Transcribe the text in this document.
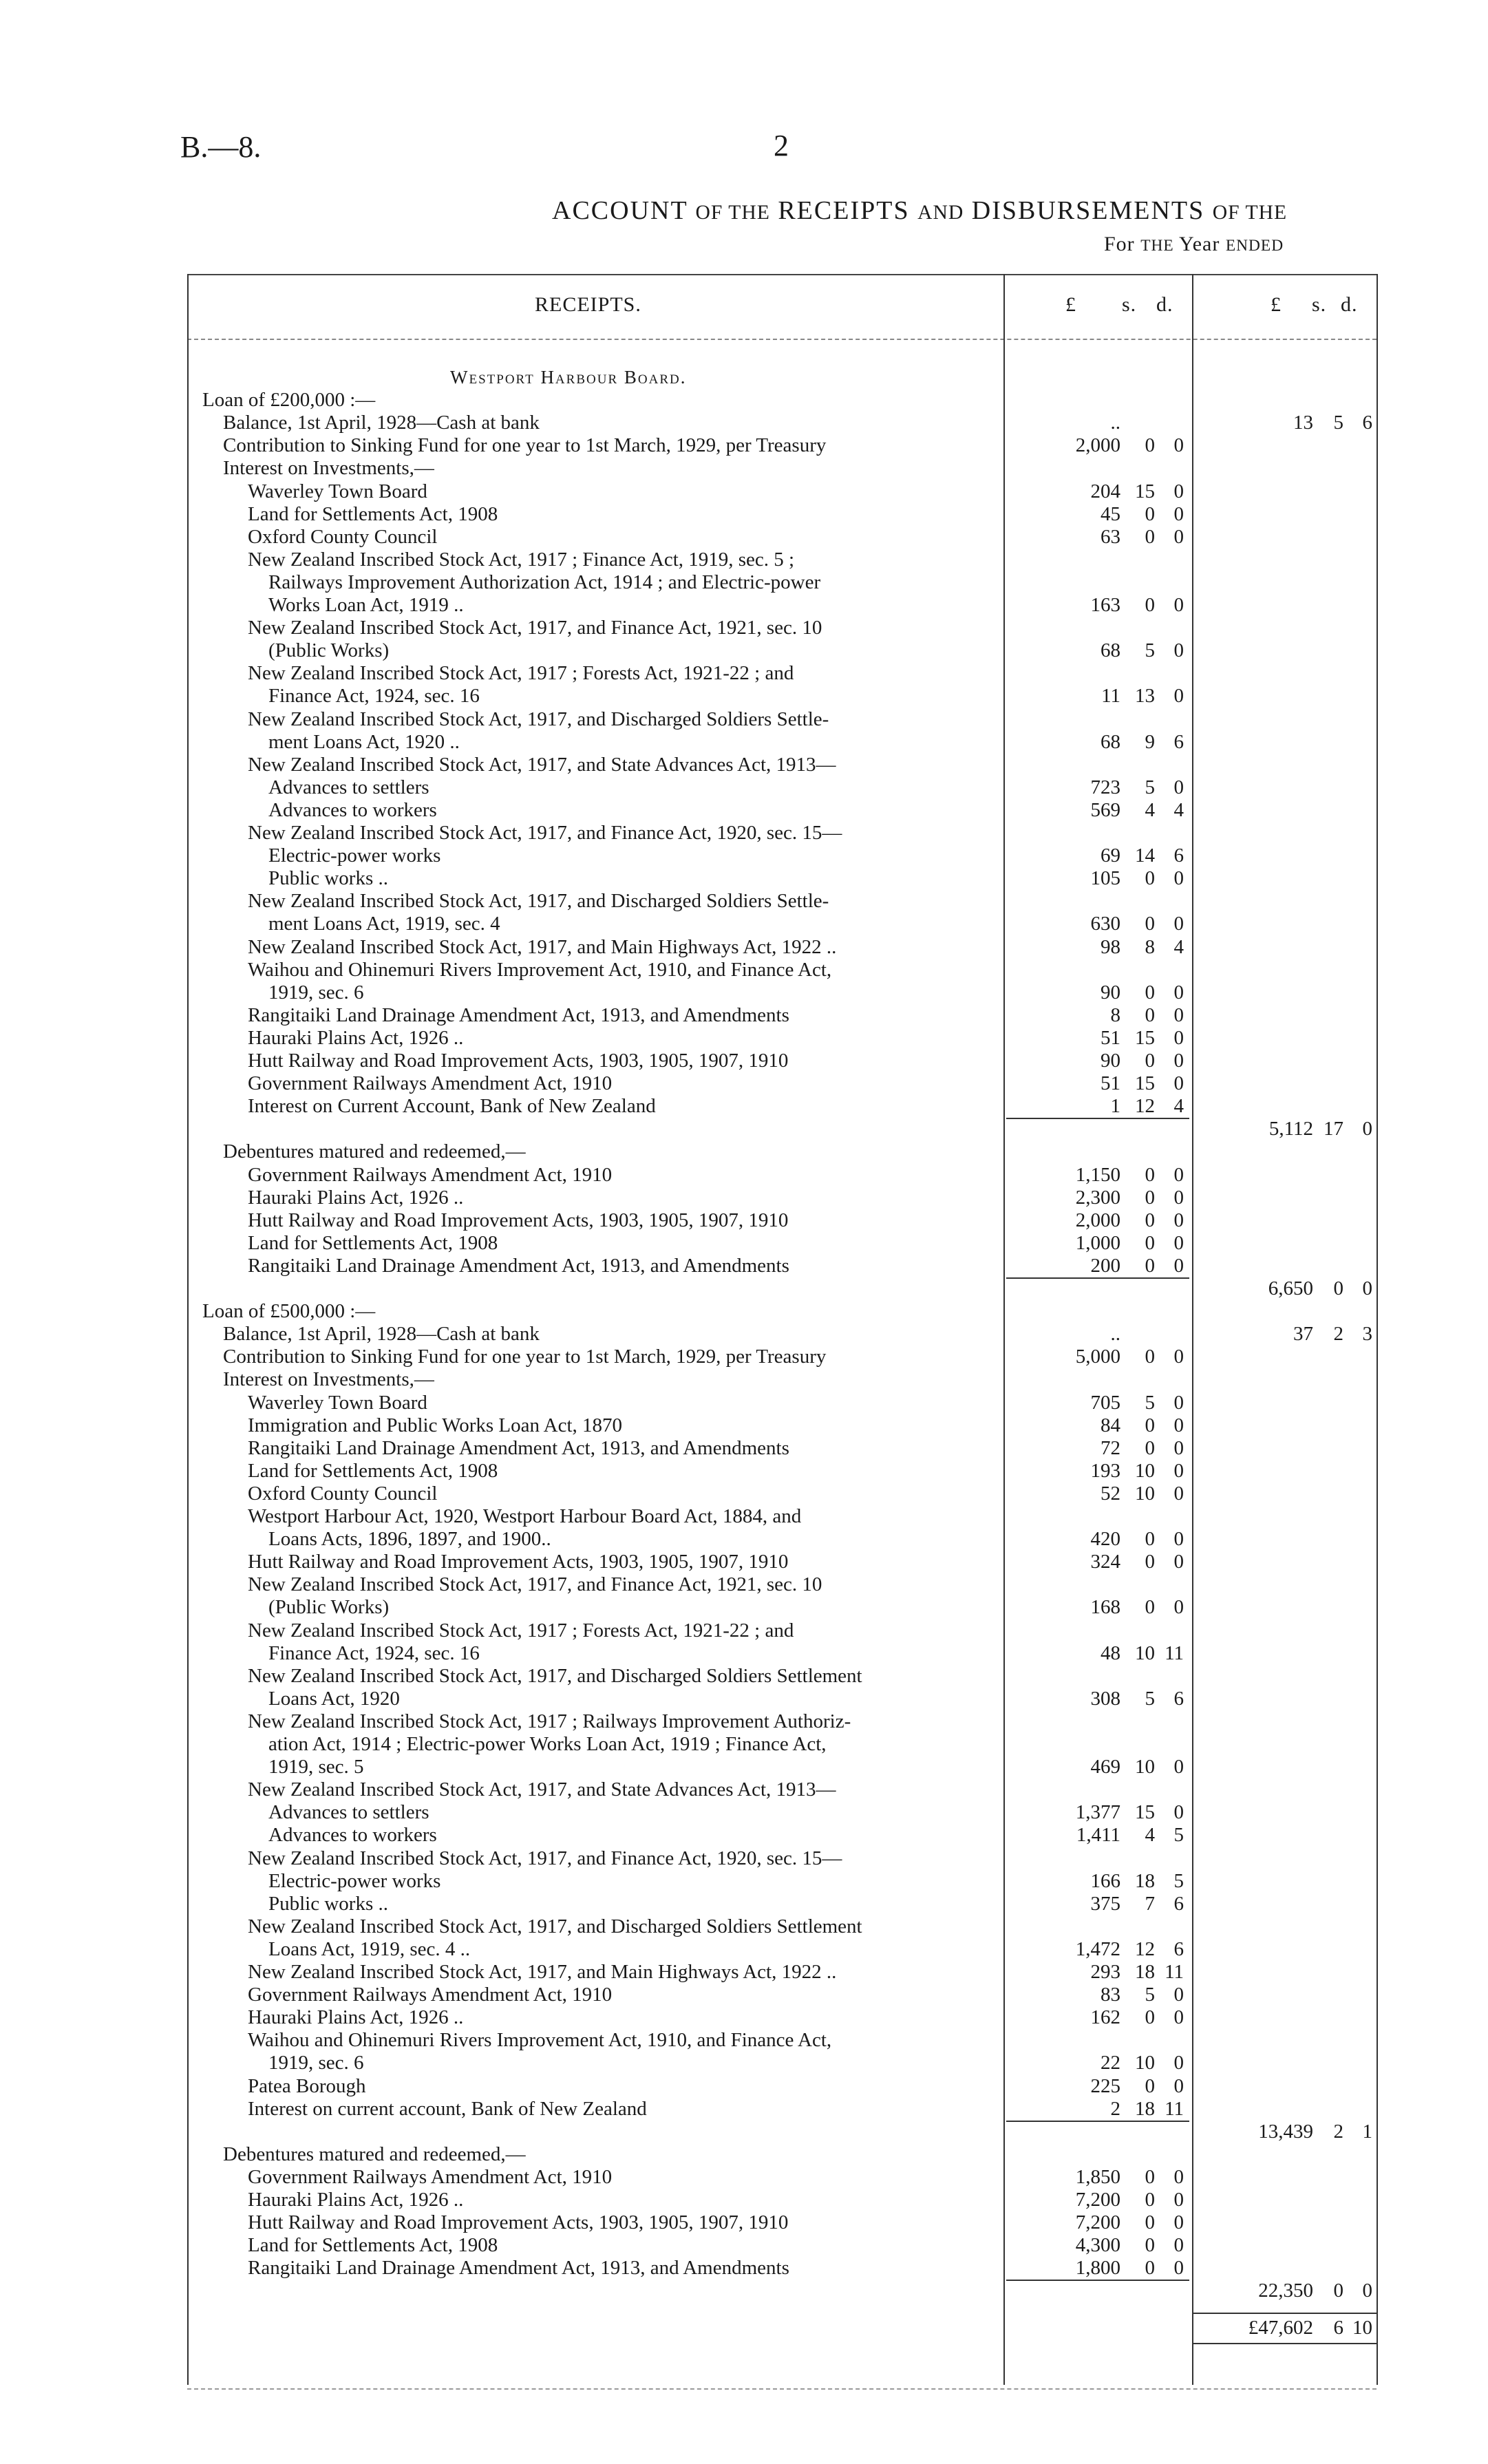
B.—8.	2
ACCOUNT OF THE RECEIPTS AND DISBURSEMENTS OF THE
For THE Year ENDED
RECEIPTS.	£ s. d.	£ s. d.
Westport Harbour Board.
Loan of £200,000 :—
Balance, 1st April, 1928—Cash at bank	..	13	5 6
Contribution to Sinking Fund for one year to 1st March, 1929, per Treasury	2,000	0 0
Interest on Investments,—
Waverley Town Board	204 15 0
Land for Settlements Act, 1908	45	0 0
Oxford County Council	63	0 0
New Zealand Inscribed Stock Act, 1917 ; Finance Act, 1919, sec. 5 ;
Railways Improvement Authorization Act, 1914 ; and Electric-power
Works Loan Act, 1919 ..	163	0 0
New Zealand Inscribed Stock Act, 1917, and Finance Act, 1921, sec. 10
(Public Works)	68	5 0
New Zealand Inscribed Stock Act, 1917 ; Forests Act, 1921-22 ; and
Finance Act, 1924, sec. 16	11 13 0
New Zealand Inscribed Stock Act, 1917, and Discharged Soldiers Settle-
ment Loans Act, 1920 ..	68	9 6
New Zealand Inscribed Stock Act, 1917, and State Advances Act, 1913—
Advances to settlers	723	5 0
Advances to workers	569	4 4
New Zealand Inscribed Stock Act, 1917, and Finance Act, 1920, sec. 15—
Electric-power works	69 14 6
Public works ..	105	0 0
New Zealand Inscribed Stock Act, 1917, and Discharged Soldiers Settle-
ment Loans Act, 1919, sec. 4	630	0 0
New Zealand Inscribed Stock Act, 1917, and Main Highways Act, 1922 ..	98	8 4
Waihou and Ohinemuri Rivers Improvement Act, 1910, and Finance Act,
1919, sec. 6	90	0 0
Rangitaiki Land Drainage Amendment Act, 1913, and Amendments	8	0 0
Hauraki Plains Act, 1926 ..	51 15 0
Hutt Railway and Road Improvement Acts, 1903, 1905, 1907, 1910	90	0 0
Government Railways Amendment Act, 1910	51 15 0
Interest on Current Account, Bank of New Zealand	1 12 4
5,112 17 0
Debentures matured and redeemed,—
Government Railways Amendment Act, 1910	1,150	0 0
Hauraki Plains Act, 1926 ..	2,300	0 0
Hutt Railway and Road Improvement Acts, 1903, 1905, 1907, 1910	2,000	0 0
Land for Settlements Act, 1908	1,000	0 0
Rangitaiki Land Drainage Amendment Act, 1913, and Amendments	200	0 0
6,650	0 0
Loan of £500,000 :—
Balance, 1st April, 1928—Cash at bank	..	37	2 3
Contribution to Sinking Fund for one year to 1st March, 1929, per Treasury	5,000	0 0
Interest on Investments,—
Waverley Town Board	705	5 0
Immigration and Public Works Loan Act, 1870	84	0 0
Rangitaiki Land Drainage Amendment Act, 1913, and Amendments	72	0 0
Land for Settlements Act, 1908	193 10 0
Oxford County Council	52 10 0
Westport Harbour Act, 1920, Westport Harbour Board Act, 1884, and
Loans Acts, 1896, 1897, and 1900..	420	0 0
Hutt Railway and Road Improvement Acts, 1903, 1905, 1907, 1910	324	0 0
New Zealand Inscribed Stock Act, 1917, and Finance Act, 1921, sec. 10
(Public Works)	168	0 0
New Zealand Inscribed Stock Act, 1917 ; Forests Act, 1921-22 ; and
Finance Act, 1924, sec. 16	48 10 11
New Zealand Inscribed Stock Act, 1917, and Discharged Soldiers Settlement
Loans Act, 1920	308	5 6
New Zealand Inscribed Stock Act, 1917 ; Railways Improvement Authoriz-
ation Act, 1914 ; Electric-power Works Loan Act, 1919 ; Finance Act,
1919, sec. 5	469 10 0
New Zealand Inscribed Stock Act, 1917, and State Advances Act, 1913—
Advances to settlers	1,377 15 0
Advances to workers	1,411	4 5
New Zealand Inscribed Stock Act, 1917, and Finance Act, 1920, sec. 15—
Electric-power works	166 18 5
Public works ..	375	7 6
New Zealand Inscribed Stock Act, 1917, and Discharged Soldiers Settlement
Loans Act, 1919, sec. 4 ..	1,472 12 6
New Zealand Inscribed Stock Act, 1917, and Main Highways Act, 1922 ..	293 18 11
Government Railways Amendment Act, 1910	83	5 0
Hauraki Plains Act, 1926 ..	162	0 0
Waihou and Ohinemuri Rivers Improvement Act, 1910, and Finance Act,
1919, sec. 6	22 10 0
Patea Borough	225	0 0
Interest on current account, Bank of New Zealand	2 18 11
13,439	2 1
Debentures matured and redeemed,—
Government Railways Amendment Act, 1910	1,850	0 0
Hauraki Plains Act, 1926 ..	7,200	0 0
Hutt Railway and Road Improvement Acts, 1903, 1905, 1907, 1910	7,200	0 0
Land for Settlements Act, 1908	4,300	0 0
Rangitaiki Land Drainage Amendment Act, 1913, and Amendments	1,800	0 0
22,350	0 0
£47,602	6 10
